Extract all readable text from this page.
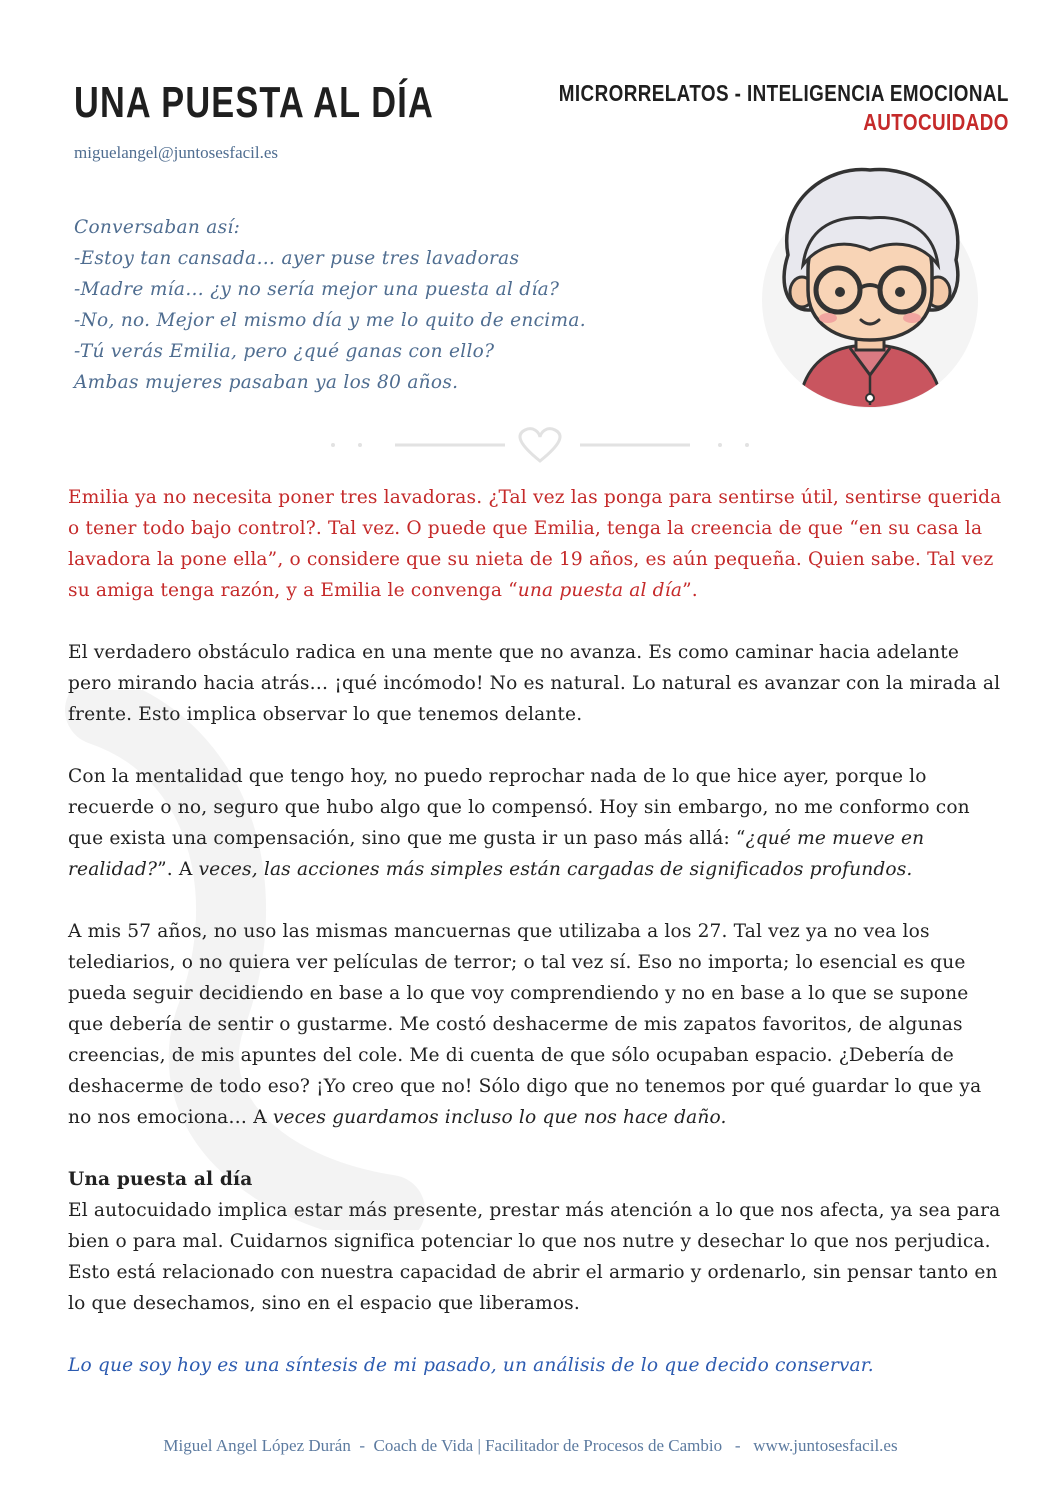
UNA PUESTA AL DÍA
miguelangel@juntosesfacil.es
MICRORRELATOS - INTELIGENCIA EMOCIONAL
AUTOCUIDADO

Conversaban así:

-Estoy tan cansada… ayer puse tres lavadoras

-Madre mía… ¿y no sería mejor una puesta al día?

-No, no. Mejor el mismo día y me lo quito de encima.

-Tú verás Emilia, pero ¿qué ganas con ello?

Ambas mujeres pasaban ya los 80 años.

Emilia ya no necesita poner tres lavadoras. ¿Tal vez las ponga para sentirse útil, sentirse querida o tener todo bajo control?. Tal vez. O puede que Emilia, tenga la creencia de que “en su casa la lavadora la pone ella”, o considere que su nieta de 19 años, es aún pequeña. Quien sabe. Tal vez su amiga tenga razón, y a Emilia le convenga “una puesta al día”.

El verdadero obstáculo radica en una mente que no avanza. Es como caminar hacia adelante pero mirando hacia atrás… ¡qué incómodo! No es natural. Lo natural es avanzar con la mirada al frente. Esto implica observar lo que tenemos delante.

Con la mentalidad que tengo hoy, no puedo reprochar nada de lo que hice ayer, porque lo recuerde o no, seguro que hubo algo que lo compensó. Hoy sin embargo, no me conformo con que exista una compensación, sino que me gusta ir un paso más allá: “¿qué me mueve en realidad?”. A veces, las acciones más simples están cargadas de significados profundos.

A mis 57 años, no uso las mismas mancuernas que utilizaba a los 27. Tal vez ya no vea los telediarios, o no quiera ver películas de terror; o tal vez sí. Eso no importa; lo esencial es que pueda seguir decidiendo en base a lo que voy comprendiendo y no en base a lo que se supone que debería de sentir o gustarme. Me costó deshacerme de mis zapatos favoritos, de algunas creencias, de mis apuntes del cole. Me di cuenta de que sólo ocupaban espacio. ¿Debería de deshacerme de todo eso? ¡Yo creo que no! Sólo digo que no tenemos por qué guardar lo que ya no nos emociona… A veces guardamos incluso lo que nos hace daño.

Una puesta al día

El autocuidado implica estar más presente, prestar más atención a lo que nos afecta, ya sea para bien o para mal. Cuidarnos significa potenciar lo que nos nutre y desechar lo que nos perjudica. Esto está relacionado con nuestra capacidad de abrir el armario y ordenarlo, sin pensar tanto en lo que desechamos, sino en el espacio que liberamos.

Lo que soy hoy es una síntesis de mi pasado, un análisis de lo que decido conservar.

Miguel Angel López Durán  -  Coach de Vida | Facilitador de Procesos de Cambio   -   www.juntosesfacil.es
